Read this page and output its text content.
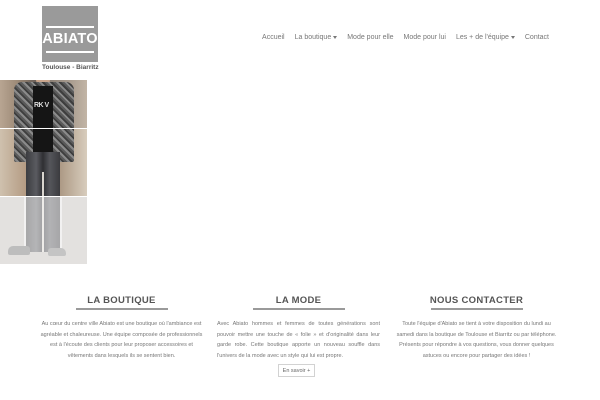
ABIATO
Toulouse - Biarritz
Accueil La boutique Mode pour elle Mode pour lui Les + de l'équipe Contact
RK V
LA BOUTIQUE

Au cœur du centre ville Abiato est une boutique où l'ambiance est agréable et chaleureuse. Une équipe composée de professionnels est à l'écoute des clients pour leur proposer accessoires et vêtements dans lesquels ils se sentent bien.

LA MODE

Avec Abiato hommes et femmes de toutes générations sont pouvoir mettre une touche de « folie » et d'originalité dans leur garde robe. Cette boutique apporte un nouveau souffle dans l'univers de la mode avec un style qui lui est propre.

En savoir +
NOUS CONTACTER

Toute l'équipe d'Abiato se tient à votre disposition du lundi au samedi dans la boutique de Toulouse et Biarritz ou par téléphone. Présents pour répondre à vos questions, vous donner quelques astuces ou encore pour partager des idées !
